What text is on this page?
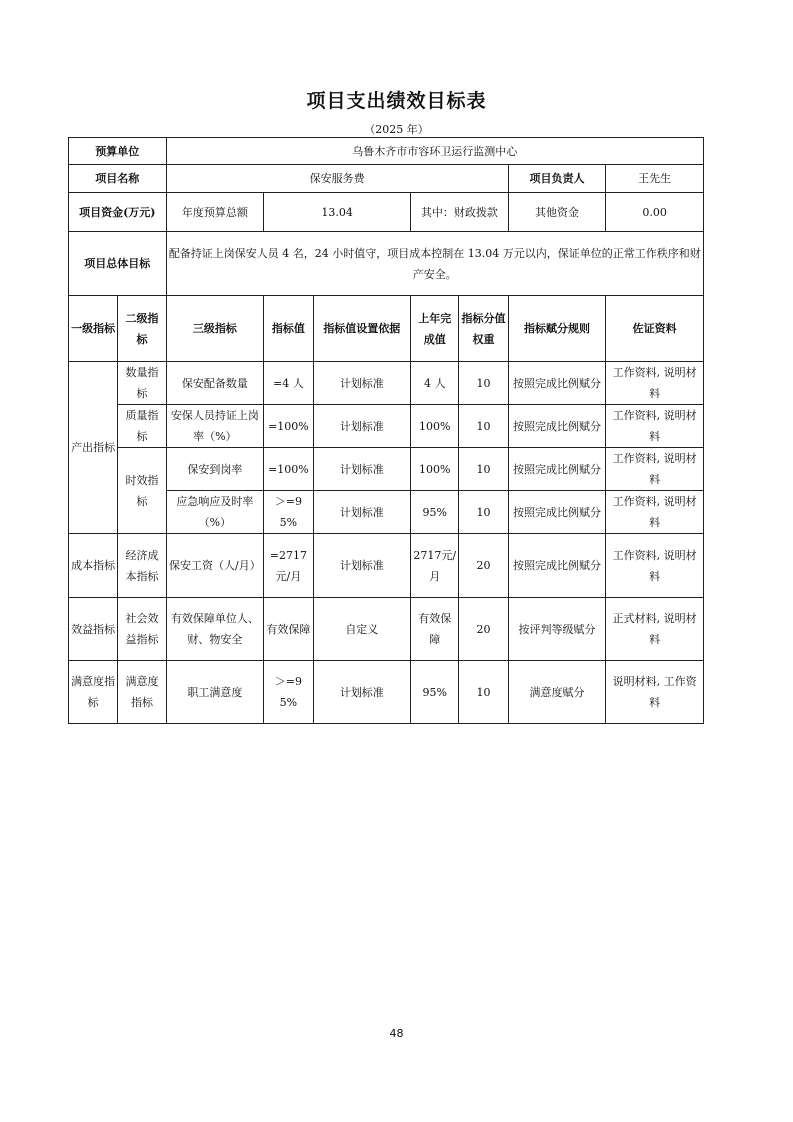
项目支出绩效目标表
（2025 年）
预算单位		乌鲁木齐市市容环卫运行监测中心						
项目名称		保安服务费					项目负责人	王先生
项目资金(万元)		年度预算总额	13.04		其中：财政拨款		其他资金	0.00
项目总体目标		配备持证上岗保安人员 4 名，24 小时值守，项目成本控制在 13.04 万元以内，保证单位的正常工作秩序和财产安全。						
一级指标	二级指标	三级指标	指标值	指标值设置依据	上年完成值	指标分值权重	指标赋分规则	佐证资料
产出指标	数量指标	保安配备数量	=4 人	计划标准	4 人	10	按照完成比例赋分	工作资料, 说明材料
	质量指标	安保人员持证上岗率（%）	=100%	计划标准	100%	10	按照完成比例赋分	工作资料, 说明材料
	时效指标	保安到岗率	=100%	计划标准	100%	10	按照完成比例赋分	工作资料, 说明材料
		应急响应及时率（%）	＞=95%	计划标准	95%	10	按照完成比例赋分	工作资料, 说明材料
成本指标	经济成本指标	保安工资（人/月）	=2717元/月	计划标准	2717元/月	20	按照完成比例赋分	工作资料, 说明材料
效益指标	社会效益指标	有效保障单位人、财、物安全	有效保障	自定义	有效保障	20	按评判等级赋分	正式材料, 说明材料
满意度指标	满意度指标	职工满意度	＞=95%	计划标准	95%	10	满意度赋分	说明材料, 工作资料
48
